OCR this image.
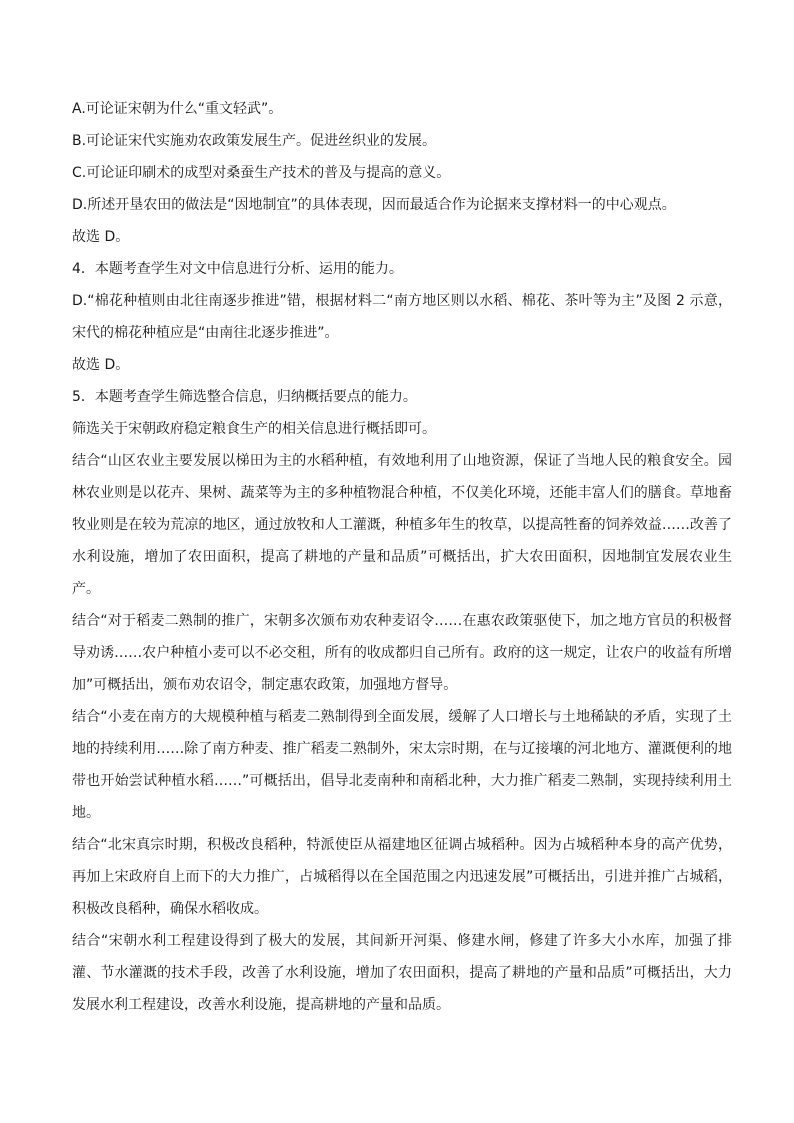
A.可论证宋朝为什么“重文轻武”。

B.可论证宋代实施劝农政策发展生产。促进丝织业的发展。

C.可论证印刷术的成型对桑蚕生产技术的普及与提高的意义。

D.所述开垦农田的做法是“因地制宜”的具体表现，因而最适合作为论据来支撑材料一的中心观点。

故选 D。

4．本题考查学生对文中信息进行分析、运用的能力。

D.“棉花种植则由北往南逐步推进”错，根据材料二“南方地区则以水稻、棉花、茶叶等为主”及图 2 示意，宋代的棉花种植应是“由南往北逐步推进”。

故选 D。

5．本题考查学生筛选整合信息，归纳概括要点的能力。

筛选关于宋朝政府稳定粮食生产的相关信息进行概括即可。

结合“山区农业主要发展以梯田为主的水稻种植，有效地利用了山地资源，保证了当地人民的粮食安全。园林农业则是以花卉、果树、蔬菜等为主的多种植物混合种植，不仅美化环境，还能丰富人们的膳食。草地畜牧业则是在较为荒凉的地区，通过放牧和人工灌溉，种植多年生的牧草，以提高牲畜的饲养效益……改善了水利设施，增加了农田面积，提高了耕地的产量和品质”可概括出，扩大农田面积，因地制宜发展农业生产。

结合“对于稻麦二熟制的推广，宋朝多次颁布劝农种麦诏令……在惠农政策驱使下，加之地方官员的积极督导劝诱……农户种植小麦可以不必交租，所有的收成都归自己所有。政府的这一规定，让农户的收益有所增加”可概括出，颁布劝农诏令，制定惠农政策，加强地方督导。

结合“小麦在南方的大规模种植与稻麦二熟制得到全面发展，缓解了人口增长与土地稀缺的矛盾，实现了土地的持续利用……除了南方种麦、推广稻麦二熟制外，宋太宗时期，在与辽接壤的河北地方、灌溉便利的地带也开始尝试种植水稻……”可概括出，倡导北麦南种和南稻北种，大力推广稻麦二熟制，实现持续利用土地。

结合“北宋真宗时期，积极改良稻种，特派使臣从福建地区征调占城稻种。因为占城稻种本身的高产优势，再加上宋政府自上而下的大力推广，占城稻得以在全国范围之内迅速发展”可概括出，引进并推广占城稻，积极改良稻种，确保水稻收成。

结合“宋朝水利工程建设得到了极大的发展，其间新开河渠、修建水闸，修建了许多大小水库，加强了排灌、节水灌溉的技术手段，改善了水利设施，增加了农田面积，提高了耕地的产量和品质”可概括出，大力发展水利工程建设，改善水利设施，提高耕地的产量和品质。
